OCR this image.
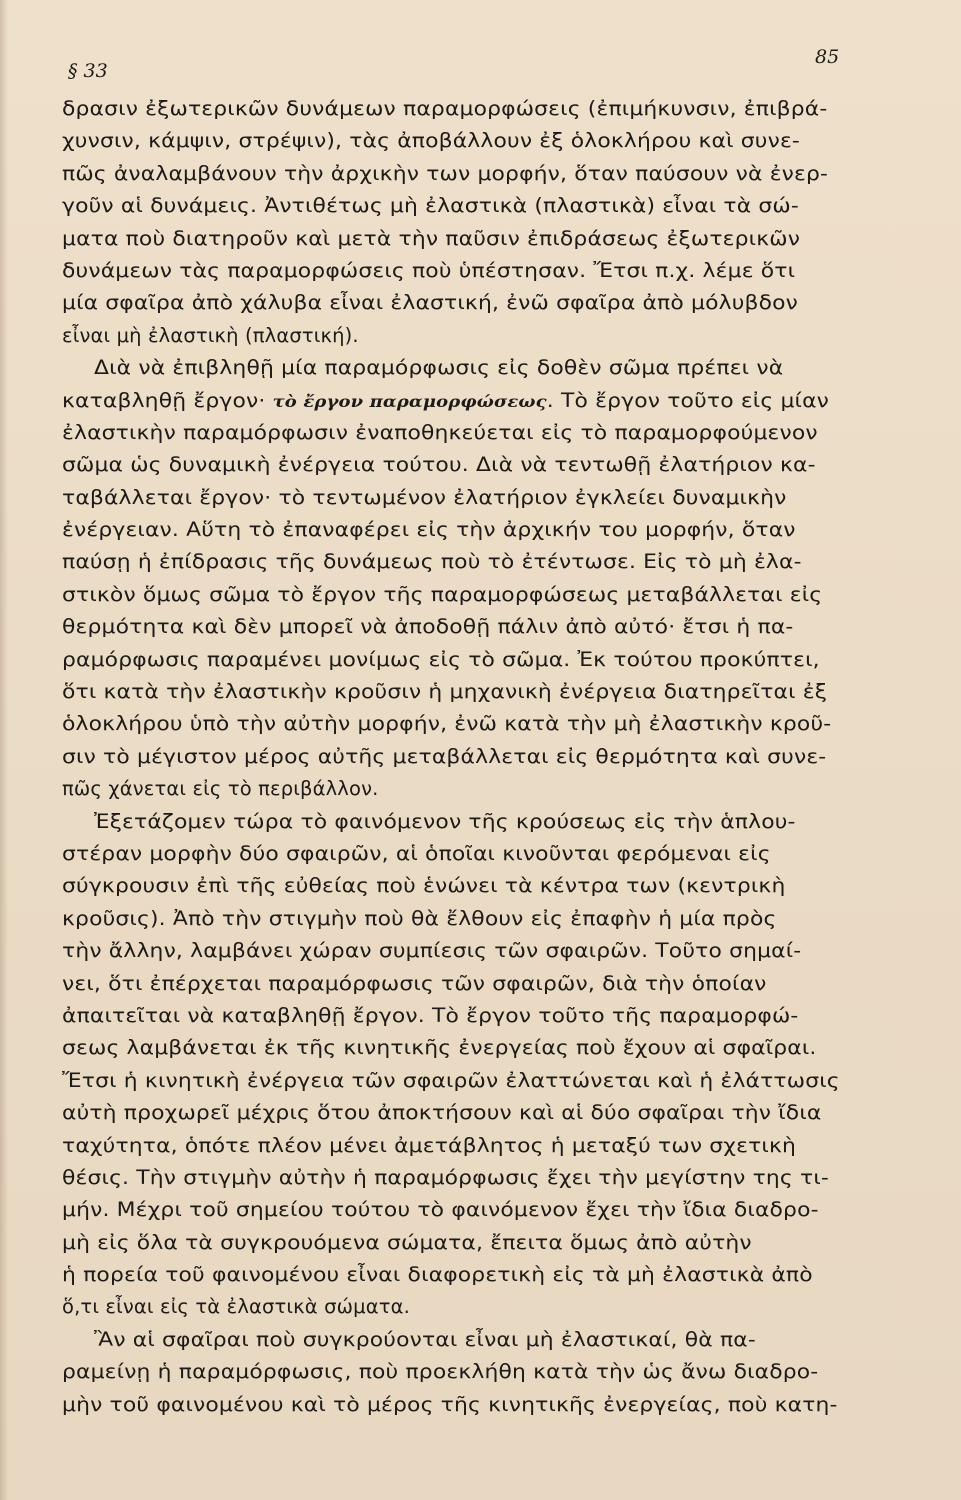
§ 33
85
δρασιν ἐξωτερικῶν δυνάμεων παραμορφώσεις (ἐπιμήκυνσιν, ἐπιβρά-
χυνσιν, κάμψιν, στρέψιν), τὰς ἀποβάλλουν ἐξ ὁλοκλήρου καὶ συνε-
πῶς ἀναλαμβάνουν τὴν ἀρχικὴν των μορφήν, ὅταν παύσουν νὰ ἐνερ-
γοῦν αἱ δυνάμεις. Ἀντιθέτως μὴ ἐλαστικὰ (πλαστικὰ) εἶναι τὰ σώ-
ματα ποὺ διατηροῦν καὶ μετὰ τὴν παῦσιν ἐπιδράσεως ἐξωτερικῶν
δυνάμεων τὰς παραμορφώσεις ποὺ ὑπέστησαν. Ἔτσι π.χ. λέμε ὅτι
μία σφαῖρα ἀπὸ χάλυβα εἶναι ἐλαστική, ἐνῶ σφαῖρα ἀπὸ μόλυβδον
εἶναι μὴ ἐλαστικὴ (πλαστική).
Διὰ νὰ ἐπιβληθῇ μία παραμόρφωσις εἰς δοθὲν σῶμα πρέπει νὰ
καταβληθῇ ἔργον· τὸ ἔργον παραμορφώσεως. Τὸ ἔργον τοῦτο εἰς μίαν
ἐλαστικὴν παραμόρφωσιν ἐναποθηκεύεται εἰς τὸ παραμορφούμενον
σῶμα ὡς δυναμικὴ ἐνέργεια τούτου. Διὰ νὰ τεντωθῇ ἐλατήριον κα-
ταβάλλεται ἔργον· τὸ τεντωμένον ἐλατήριον ἐγκλείει δυναμικὴν
ἐνέργειαν. Αὕτη τὸ ἐπαναφέρει εἰς τὴν ἀρχικήν του μορφήν, ὅταν
παύσῃ ἡ ἐπίδρασις τῆς δυνάμεως ποὺ τὸ ἐτέντωσε. Εἰς τὸ μὴ ἐλα-
στικὸν ὅμως σῶμα τὸ ἔργον τῆς παραμορφώσεως μεταβάλλεται εἰς
θερμότητα καὶ δὲν μπορεῖ νὰ ἀποδοθῇ πάλιν ἀπὸ αὐτό· ἔτσι ἡ πα-
ραμόρφωσις παραμένει μονίμως εἰς τὸ σῶμα. Ἐκ τούτου προκύπτει,
ὅτι κατὰ τὴν ἐλαστικὴν κροῦσιν ἡ μηχανικὴ ἐνέργεια διατηρεῖται ἐξ
ὁλοκλήρου ὑπὸ τὴν αὐτὴν μορφήν, ἐνῶ κατὰ τὴν μὴ ἐλαστικὴν κροῦ-
σιν τὸ μέγιστον μέρος αὐτῆς μεταβάλλεται εἰς θερμότητα καὶ συνε-
πῶς χάνεται εἰς τὸ περιβάλλον.
Ἐξετάζομεν τώρα τὸ φαινόμενον τῆς κρούσεως εἰς τὴν ἁπλου-
στέραν μορφὴν δύο σφαιρῶν, αἱ ὁποῖαι κινοῦνται φερόμεναι εἰς
σύγκρουσιν ἐπὶ τῆς εὐθείας ποὺ ἑνώνει τὰ κέντρα των (κεντρικὴ
κροῦσις). Ἀπὸ τὴν στιγμὴν ποὺ θὰ ἔλθουν εἰς ἐπαφὴν ἡ μία πρὸς
τὴν ἄλλην, λαμβάνει χώραν συμπίεσις τῶν σφαιρῶν. Τοῦτο σημαί-
νει, ὅτι ἐπέρχεται παραμόρφωσις τῶν σφαιρῶν, διὰ τὴν ὁποίαν
ἀπαιτεῖται νὰ καταβληθῇ ἔργον. Τὸ ἔργον τοῦτο τῆς παραμορφώ-
σεως λαμβάνεται ἐκ τῆς κινητικῆς ἐνεργείας ποὺ ἔχουν αἱ σφαῖραι.
Ἔτσι ἡ κινητικὴ ἐνέργεια τῶν σφαιρῶν ἐλαττώνεται καὶ ἡ ἐλάττωσις
αὐτὴ προχωρεῖ μέχρις ὅτου ἀποκτήσουν καὶ αἱ δύο σφαῖραι τὴν ἴδια
ταχύτητα, ὁπότε πλέον μένει ἀμετάβλητος ἡ μεταξύ των σχετικὴ
θέσις. Τὴν στιγμὴν αὐτὴν ἡ παραμόρφωσις ἔχει τὴν μεγίστην της τι-
μήν. Μέχρι τοῦ σημείου τούτου τὸ φαινόμενον ἔχει τὴν ἴδια διαδρο-
μὴ εἰς ὅλα τὰ συγκρουόμενα σώματα, ἔπειτα ὅμως ἀπὸ αὐτὴν
ἡ πορεία τοῦ φαινομένου εἶναι διαφορετικὴ εἰς τὰ μὴ ἐλαστικὰ ἀπὸ
ὅ,τι εἶναι εἰς τὰ ἐλαστικὰ σώματα.
Ἂν αἱ σφαῖραι ποὺ συγκρούονται εἶναι μὴ ἐλαστικαί, θὰ πα-
ραμείνῃ ἡ παραμόρφωσις, ποὺ προεκλήθη κατὰ τὴν ὡς ἄνω διαδρο-
μὴν τοῦ φαινομένου καὶ τὸ μέρος τῆς κινητικῆς ἐνεργείας, ποὺ κατη-
